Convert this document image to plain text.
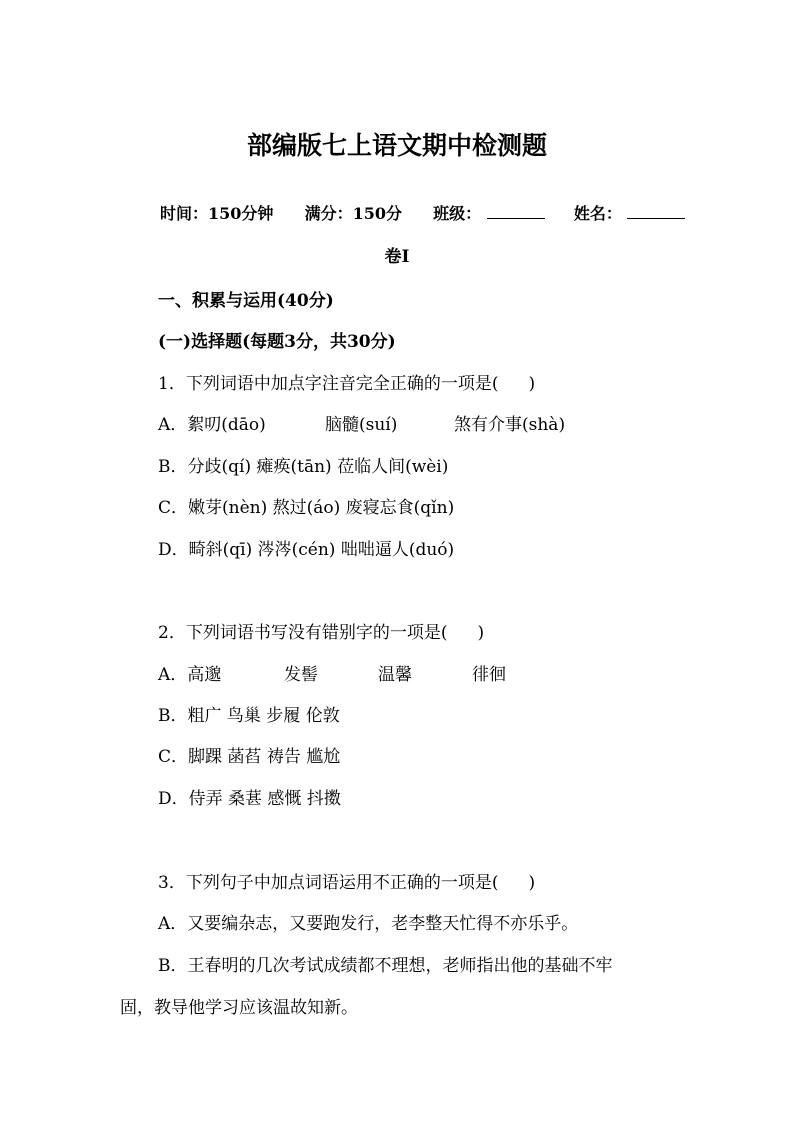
部编版七上语文期中检测题
时间：150分钟 满分：150分 班级：	姓名：
卷Ⅰ
一、积累与运用(40分)
(一)选择题(每题3分，共30分)
1．下列词语中加点字注音完全正确的一项是( )
A．絮叨(dāo)	脑髓(suí)	煞有介事(shà)
B．分歧(qí) 瘫痪(tān) 莅临人间(wèi)
C．嫩芽(nèn) 熬过(áo) 废寝忘食(qǐn)
D．畸斜(qī) 涔涔(cén) 咄咄逼人(duó)
2．下列词语书写没有错别字的一项是( )
A．高邈	发髻	温馨	徘徊
B．粗广 鸟巢 步履 伦敦
C．脚踝 菡萏 祷告 尴尬
D．侍弄 桑葚 感慨 抖擞
3．下列句子中加点词语运用不正确的一项是( )
A．又要编杂志，又要跑发行，老李整天忙得不亦乐乎。
B．王春明的几次考试成绩都不理想，老师指出他的基础不牢
固，教导他学习应该温故知新。
